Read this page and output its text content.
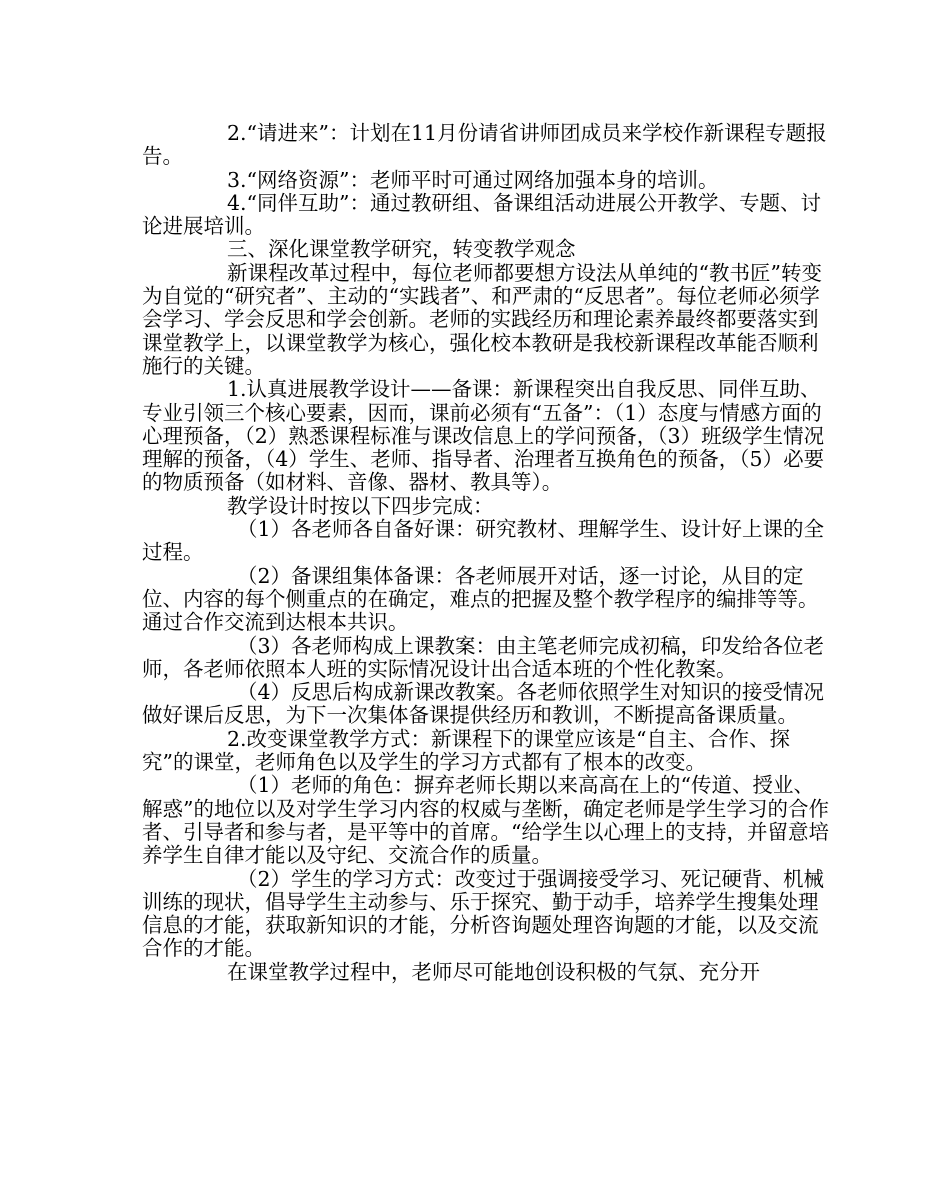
2.“请进来”：计划在11月份请省讲师团成员来学校作新课程专题报告。

3.“网络资源”：老师平时可通过网络加强本身的培训。

4.“同伴互助”：通过教研组、备课组活动进展公开教学、专题、讨论进展培训。

三、深化课堂教学研究，转变教学观念

新课程改革过程中，每位老师都要想方设法从单纯的“教书匠”转变为自觉的“研究者”、主动的“实践者”、和严肃的“反思者”。每位老师必须学会学习、学会反思和学会创新。老师的实践经历和理论素养最终都要落实到课堂教学上，以课堂教学为核心，强化校本教研是我校新课程改革能否顺利施行的关键。

1.认真进展教学设计——备课：新课程突出自我反思、同伴互助、专业引领三个核心要素，因而，课前必须有“五备”：（1）态度与情感方面的心理预备，（2）熟悉课程标准与课改信息上的学问预备，（3）班级学生情况理解的预备，（4）学生、老师、指导者、治理者互换角色的预备，（5）必要的物质预备（如材料、音像、器材、教具等）。

教学设计时按以下四步完成：

（1）各老师各自备好课：研究教材、理解学生、设计好上课的全过程。

（2）备课组集体备课：各老师展开对话，逐一讨论，从目的定位、内容的每个侧重点的在确定，难点的把握及整个教学程序的编排等等。通过合作交流到达根本共识。

（3）各老师构成上课教案：由主笔老师完成初稿，印发给各位老师，各老师依照本人班的实际情况设计出合适本班的个性化教案。

（4）反思后构成新课改教案。各老师依照学生对知识的接受情况做好课后反思，为下一次集体备课提供经历和教训，不断提高备课质量。

2.改变课堂教学方式：新课程下的课堂应该是“自主、合作、探究”的课堂，老师角色以及学生的学习方式都有了根本的改变。

（1）老师的角色：摒弃老师长期以来高高在上的“传道、授业、解惑”的地位以及对学生学习内容的权威与垄断，确定老师是学生学习的合作者、引导者和参与者，是平等中的首席。“给学生以心理上的支持，并留意培养学生自律才能以及守纪、交流合作的质量。

（2）学生的学习方式：改变过于强调接受学习、死记硬背、机械训练的现状，倡导学生主动参与、乐于探究、勤于动手，培养学生搜集处理信息的才能，获取新知识的才能，分析咨询题处理咨询题的才能，以及交流合作的才能。

在课堂教学过程中，老师尽可能地创设积极的气氛、充分开
